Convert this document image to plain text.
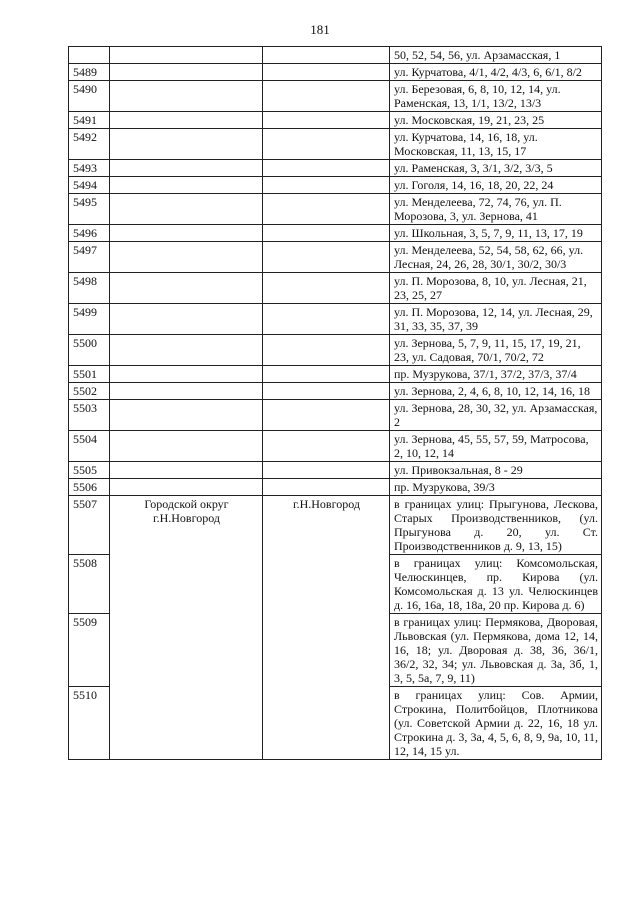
181
			50, 52, 54, 56, ул. Арзамасская, 1
5489			ул. Курчатова, 4/1, 4/2, 4/3, 6, 6/1, 8/2
5490			ул. Березовая, 6, 8, 10, 12, 14, ул. Раменская, 13, 1/1, 13/2, 13/3
5491			ул. Московская, 19, 21, 23, 25
5492			ул. Курчатова, 14, 16, 18, ул. Московская, 11, 13, 15, 17
5493			ул. Раменская, 3, 3/1, 3/2, 3/3, 5
5494			ул. Гоголя, 14, 16, 18, 20, 22, 24
5495			ул. Менделеева, 72, 74, 76, ул. П. Морозова, 3, ул. Зернова, 41
5496			ул. Школьная, 3, 5, 7, 9, 11, 13, 17, 19
5497			ул. Менделеева, 52, 54, 58, 62, 66, ул. Лесная, 24, 26, 28, 30/1, 30/2, 30/3
5498			ул. П. Морозова, 8, 10, ул. Лесная, 21, 23, 25, 27
5499			ул. П. Морозова, 12, 14, ул. Лесная, 29, 31, 33, 35, 37, 39
5500			ул. Зернова, 5, 7, 9, 11, 15, 17, 19, 21, 23, ул. Садовая, 70/1, 70/2, 72
5501			пр. Музрукова, 37/1, 37/2, 37/3, 37/4
5502			ул. Зернова, 2, 4, 6, 8, 10, 12, 14, 16, 18
5503			ул. Зернова, 28, 30, 32, ул. Арзамасская, 2
5504			ул. Зернова, 45, 55, 57, 59, Матросова, 2, 10, 12, 14
5505			ул. Привокзальная, 8 - 29
5506			пр. Музрукова, 39/3
5507	Городской округ г.Н.Новгород	г.Н.Новгород	в границах улиц: Прыгунова, Лескова, Старых Производственников, (ул. Прыгунова д. 20, ул. Ст. Производственников д. 9, 13, 15)
5508			в границах улиц: Комсомольская, Челюскинцев, пр. Кирова (ул. Комсомольская д. 13 ул. Челюскинцев д. 16, 16а, 18, 18а, 20 пр. Кирова д. 6)
5509			в границах улиц: Пермякова, Дворовая, Львовская (ул. Пермякова, дома 12, 14, 16, 18; ул. Дворовая д. 38, 36, 36/1, 36/2, 32, 34; ул. Львовская д. 3а, 3б, 1, 3, 5, 5а, 7, 9, 11)
5510			в границах улиц: Сов. Армии, Строкина, Политбойцов, Плотникова (ул. Советской Армии д. 22, 16, 18 ул. Строкина д. 3, 3а, 4, 5, 6, 8, 9, 9а, 10, 11, 12, 14, 15 ул.
